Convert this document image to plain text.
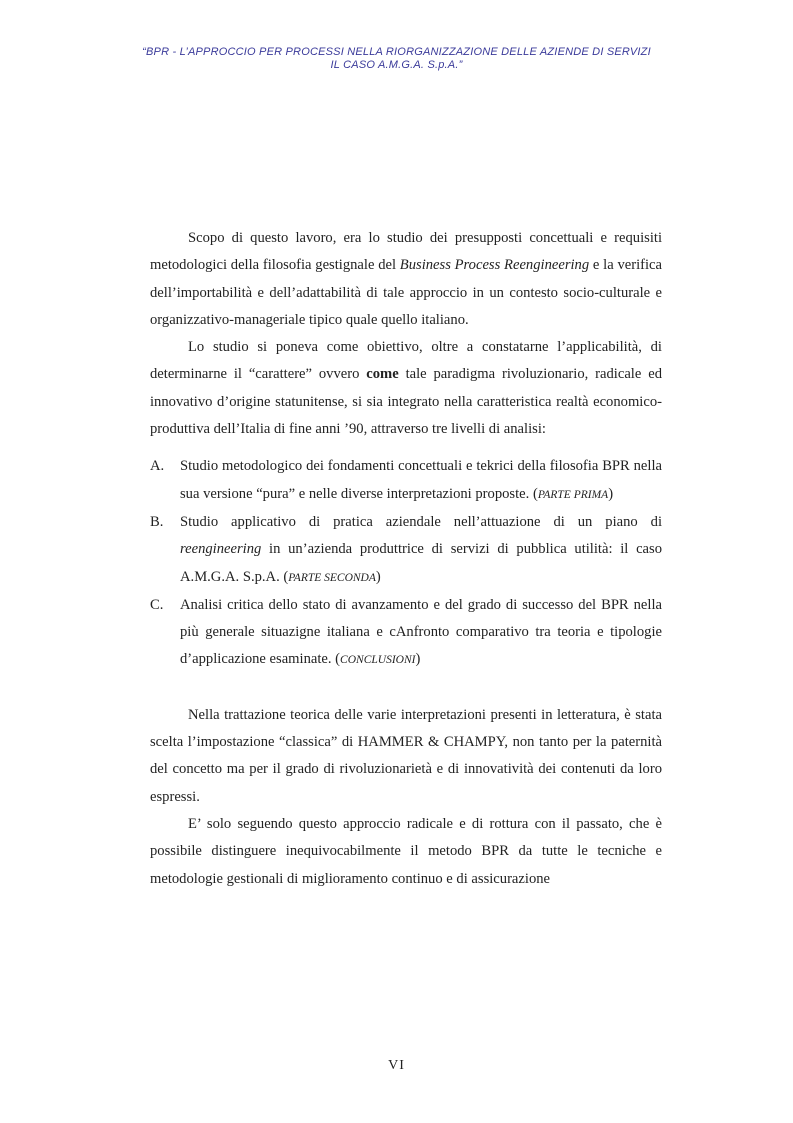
“BPR - L’APPROCCIO PER PROCESSI NELLA RIORGANIZZAZIONE DELLE AZIENDE DI SERVIZI
IL CASO A.M.G.A. S.p.A.”

Scopo di questo lavoro, era lo studio dei presupposti concettuali e requisiti metodologici della filosofia gestignale del Business Process Reengineering e la verifica dell’importabilità e dell’adattabilità di tale approccio in un contesto socio-culturale e organizzativo-manageriale tipico quale quello italiano.

Lo studio si poneva come obiettivo, oltre a constatarne l’applicabilità, di determinarne il “carattere” ovvero come tale paradigma rivoluzionario, radicale ed innovativo d’origine statunitense, si sia integrato nella caratteristica realtà economico-produttiva dell’Italia di fine anni ’90, attraverso tre livelli di analisi:

A. Studio metodologico dei fondamenti concettuali e tekrici della filosofia BPR nella sua versione “pura” e nelle diverse interpretazioni proposte. (PARTE PRIMA)
B. Studio applicativo di pratica aziendale nell’attuazione di un piano di reengineering in un’azienda produttrice di servizi di pubblica utilità: il caso A.M.G.A. S.p.A. (PARTE SECONDA)
C. Analisi critica dello stato di avanzamento e del grado di successo del BPR nella più generale situazigne italiana e cAnfronto comparativo tra teoria e tipologie d’applicazione esaminate. (CONCLUSIONI)

Nella trattazione teorica delle varie interpretazioni presenti in letteratura, è stata scelta l’impostazione “classica” di HAMMER & CHAMPY, non tanto per la paternità del concetto ma per il grado di rivoluzionarietà e di innovatività dei contenuti da loro espressi.

E’ solo seguendo questo approccio radicale e di rottura con il passato, che è possibile distinguere inequivocabilmente il metodo BPR da tutte le tecniche e metodologie gestionali di miglioramento continuo e di assicurazione

VI
